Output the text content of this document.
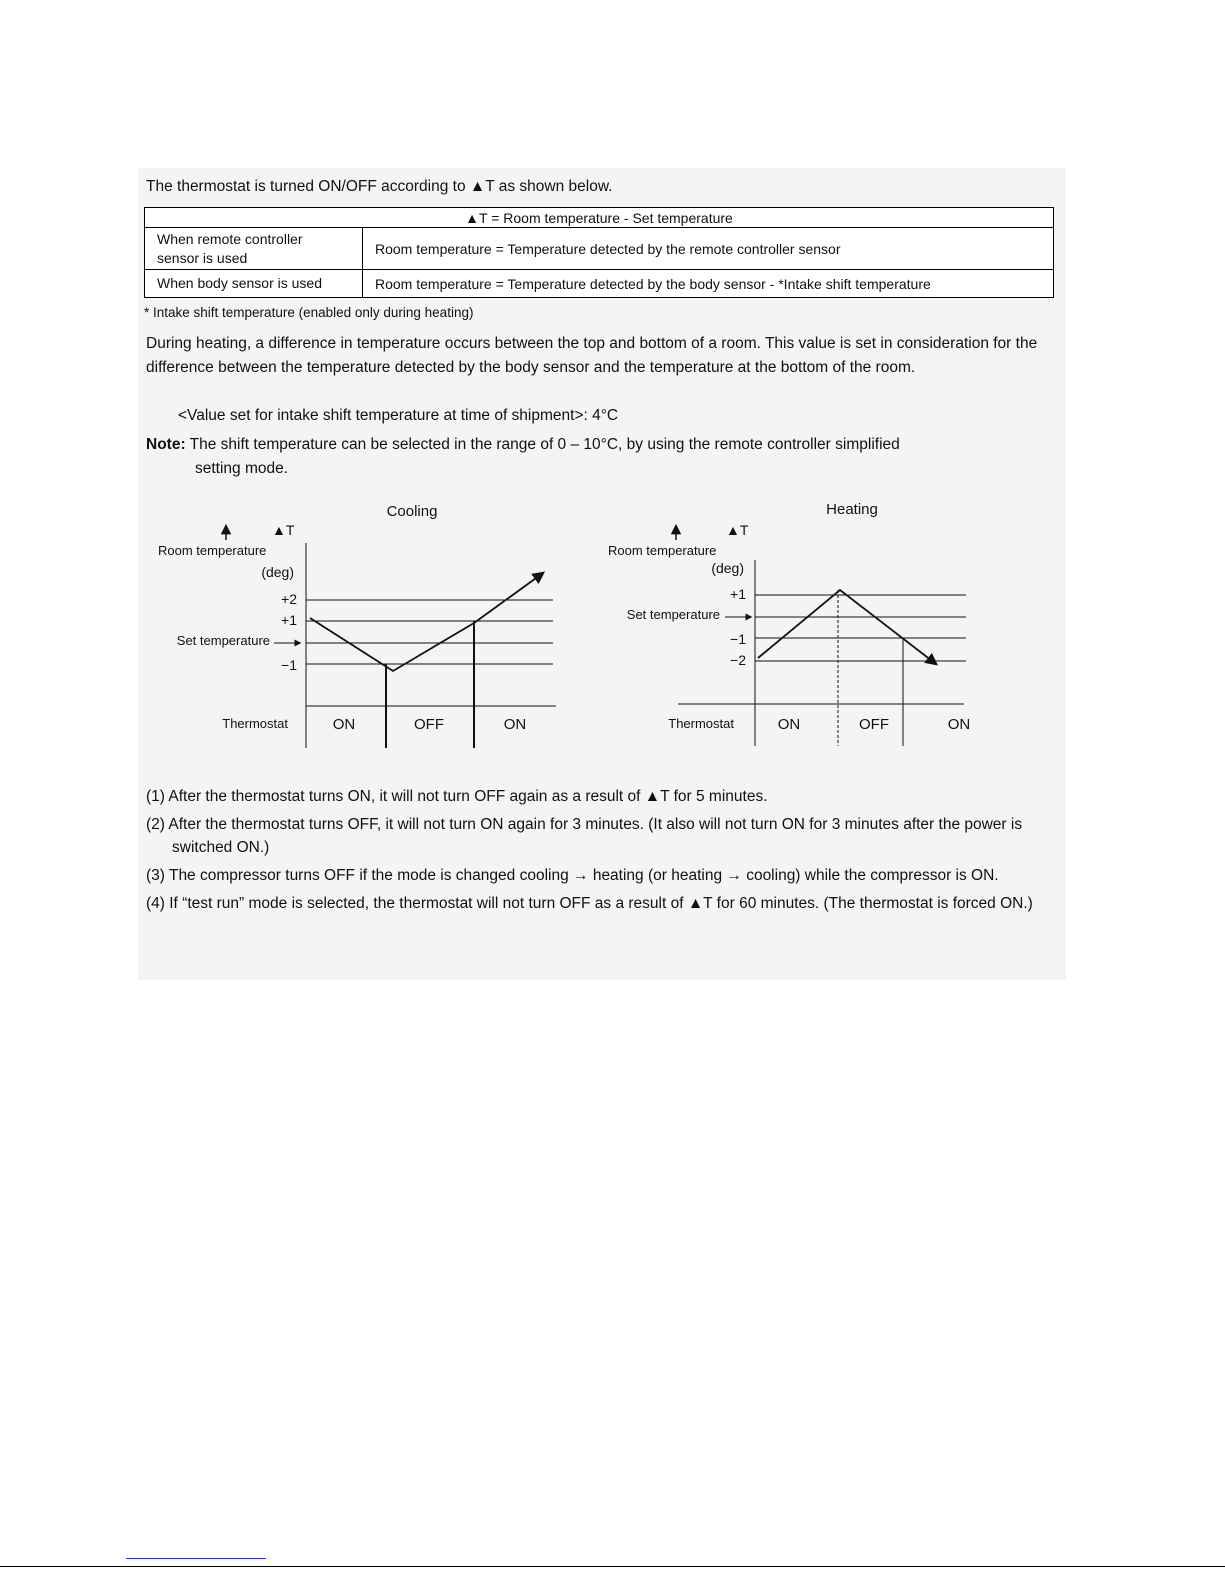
The thermostat is turned ON/OFF according to ▲T as shown below.
▲T = Room temperature - Set temperature	

When remote controller
sensor is used	Room temperature = Temperature detected by the remote controller sensor
When body sensor is used	Room temperature = Temperature detected by the body sensor - *Intake shift temperature
* Intake shift temperature (enabled only during heating)
During heating, a difference in temperature occurs between the top and bottom of a room. This value is set in consideration for the difference between the temperature detected by the body sensor and the temperature at the bottom of the room.
<Value set for intake shift temperature at time of shipment>: 4°C
Note: The shift temperature can be selected in the range of 0 – 10°C, by using the remote controller simplified
setting mode.
Cooling
▲T
Room temperature
(deg)
+2
+1
Set temperature
−1
Thermostat	ON	OFF	ON
Heating
▲T
Room temperature
(deg)
+1
Set temperature
−1
−2
Thermostat	ON	OFF	ON
(1) After the thermostat turns ON, it will not turn OFF again as a result of ▲T for 5 minutes.
(2) After the thermostat turns OFF, it will not turn ON again for 3 minutes. (It also will not turn ON for 3 minutes after the power is switched ON.)
(3) The compressor turns OFF if the mode is changed cooling → heating (or heating → cooling) while the compressor is ON.
(4) If “test run” mode is selected, the thermostat will not turn OFF as a result of ▲T for 60 minutes. (The thermostat is forced ON.)
